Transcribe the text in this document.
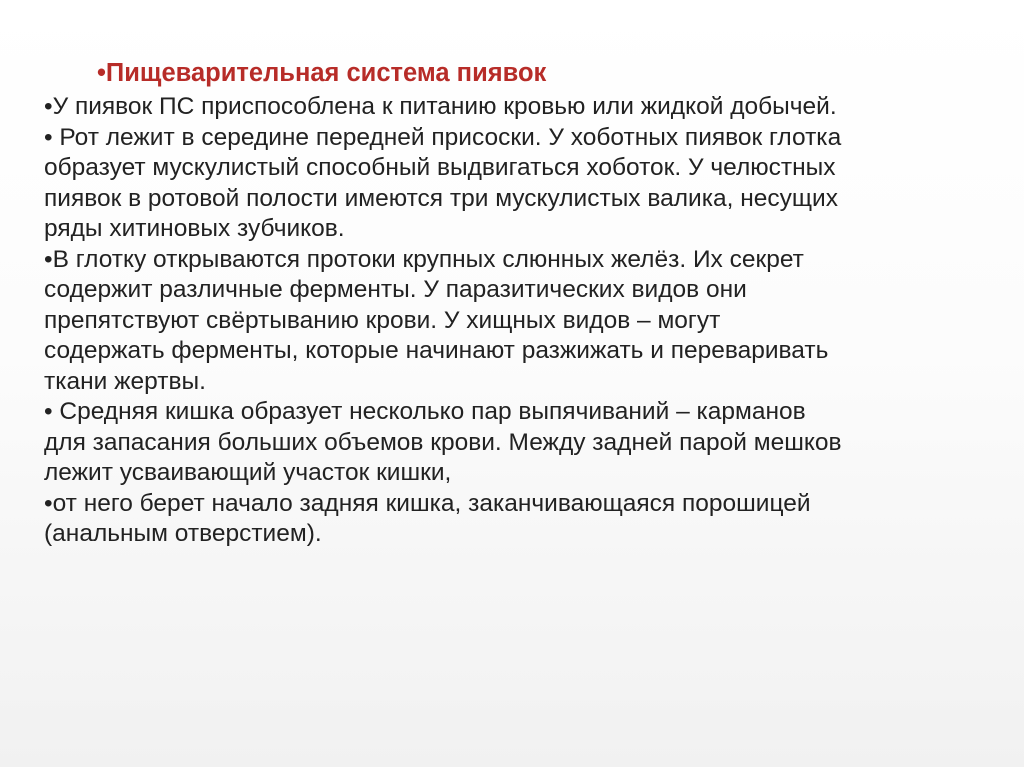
•Пищеварительная система пиявок
•У пиявок ПС приспособлена к питанию кровью или жидкой добычей.
• Рот лежит в середине передней присоски. У хоботных пиявок глотка
образует мускулистый способный выдвигаться хоботок. У челюстных
пиявок в ротовой полости имеются три мускулистых валика, несущих
ряды хитиновых зубчиков.
•В глотку открываются протоки крупных слюнных желёз. Их секрет
содержит различные ферменты. У паразитических видов они
препятствуют свёртыванию крови. У хищных видов – могут
содержать ферменты, которые начинают разжижать и переваривать
ткани жертвы.
• Средняя кишка образует несколько пар выпячиваний – карманов
для запасания больших объемов крови. Между задней парой мешков
лежит усваивающий участок кишки,
•от него берет начало задняя кишка, заканчивающаяся порошицей
(анальным отверстием).
